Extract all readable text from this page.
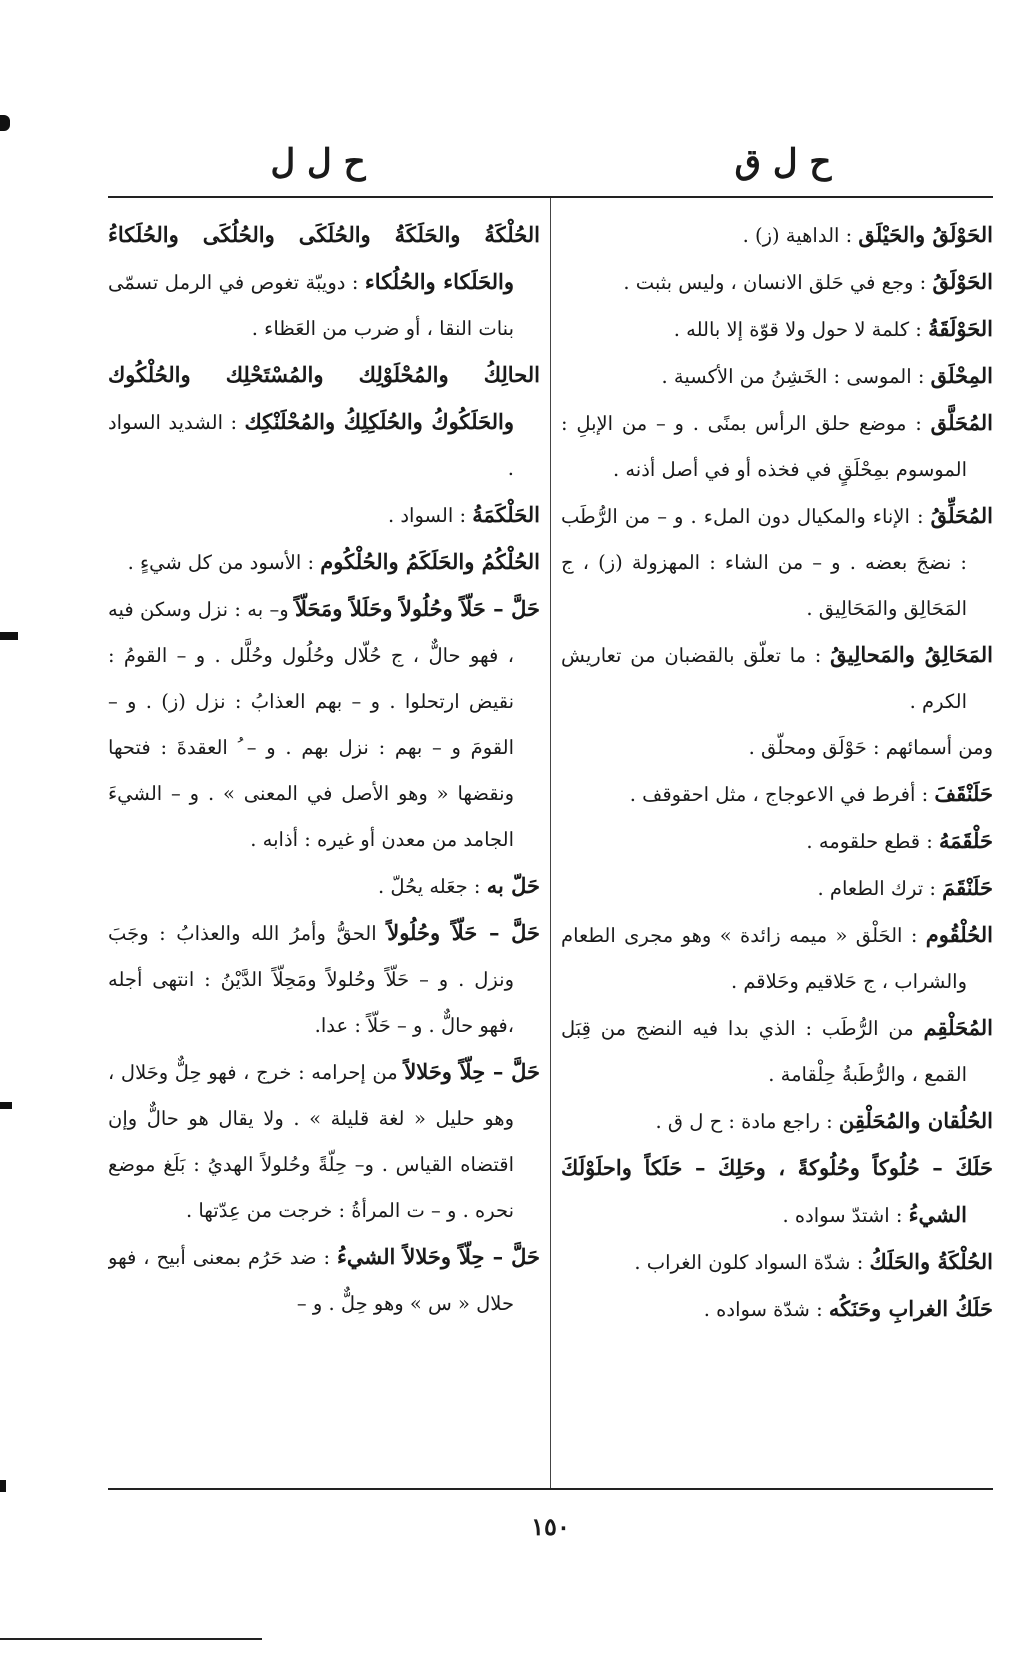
ح ل ق
ح ل ل

الحَوْلَقُ والحَيْلَق : الداهية (ز) .

الحَوْلَقُ : وجع في حَلق الانسان ، وليس بثبت .

الحَوْلَقَةُ : كلمة لا حول ولا قوّة إلا بالله .

المِحْلَق : الموسى : الخَشِنُ من الأكسية .

المُحَلَّق : موضع حلق الرأس بمنًى . و – من الإبلِ : الموسوم بمِحْلَقٍ في فخذه أو في أصل أذنه .

المُحَلِّقُ : الإناء والمكيال دون الملء . و – من الرُّطَب : نضجَ بعضه . و – من الشاء : المهزولة (ز) ، ج المَحَالِق والمَحَالِيق .

المَحَالِقُ والمَحالِيقُ : ما تعلّق بالقضبان من تعاريش الكرم .

ومن أسمائهم : حَوْلَق ومحلّق .

حَلَنْقَفَ : أفرط في الاعوجاج ، مثل احقوقف .

حَلْقَمَهُ : قطع حلقومه .

حَلَنْقَمَ : ترك الطعام .

الحُلْقُوم : الحَلْق « ميمه زائدة » وهو مجرى الطعام والشراب ، ج حَلاقيم وحَلاقم .

المُحَلْقِم من الرُّطَب : الذي بدا فيه النضج من قِبَل القمع ، والرُّطَبةُ حِلْقامة .

الحُلُقان والمُحَلْقِن : راجع مادة : ح ل ق .

حَلَكَ – حُلُوكاً وحُلُوكةً ، وحَلِكَ – حَلَكاً واحلَوْلَكَ الشيءُ : اشتدّ سواده .

الحُلْكَةُ والحَلَكُ : شدّة السواد كلون الغراب .

حَلَكُ الغرابِ وحَنَكُه : شدّة سواده .

الحُلْكَةُ والحَلَكَةُ والحُلَكَى والحُلُكَى والحُلَكاءُ والحَلَكاء والحُلُكاء : دويبّة تغوص في الرمل تسمّى بنات النقا ، أو ضرب من العَظاء .

الحالِكُ والمُحْلَوْلِك والمُسْتَحْلِك والحُلْكُوك والحَلَكُوكُ والحُلَكِلِكُ والمُحْلَنْكِك : الشديد السواد .

الحَلْكَمَةُ : السواد .

الحُلْكُمُ والحَلَكَمُ والحُلْكُوم : الأسود من كل شيءٍ .

حَلَّ – حَلّاً وحُلُولاً وحَلَلاً ومَحَلّاً و– به : نزل وسكن فيه ، فهو حالٌّ ، ج حُلّال وحُلُول وحُلَّل . و – القومُ : نقيض ارتحلوا . و – بهم العذابُ : نزل (ز) . و – القومَ و – بهم : نزل بهم . و – ُ العقدةَ : فتحها ونقضها « وهو الأصل في المعنى » . و – الشيءَ الجامد من معدن أو غيره : أذابه .

حَلّ به : جعَله يحُلّ .

حَلَّ – حَلّاً وحُلُولاً الحقُّ وأمرُ الله والعذابُ : وجَبَ ونزل . و – حَلّاً وحُلولاً ومَحِلّاً الدَّيْنُ : انتهى أجله ،فهو حالٌّ . و – حَلّاً : عدا.

حَلَّ – حِلّاً وحَلالاً من إحرامه : خرج ، فهو حِلٌّ وحَلال ، وهو حليل « لغة قليلة » . ولا يقال هو حالٌّ وإن اقتضاه القياس . و– حِلّةً وحُلولاً الهديُ : بَلَغ موضع نحره . و – ت المرأةُ : خرجت من عِدّتها .

حَلَّ – حِلّاً وحَلالاً الشيءُ : ضد حَرُم بمعنى أبيح ، فهو حلال « س » وهو حِلٌّ . و –

١٥٠
